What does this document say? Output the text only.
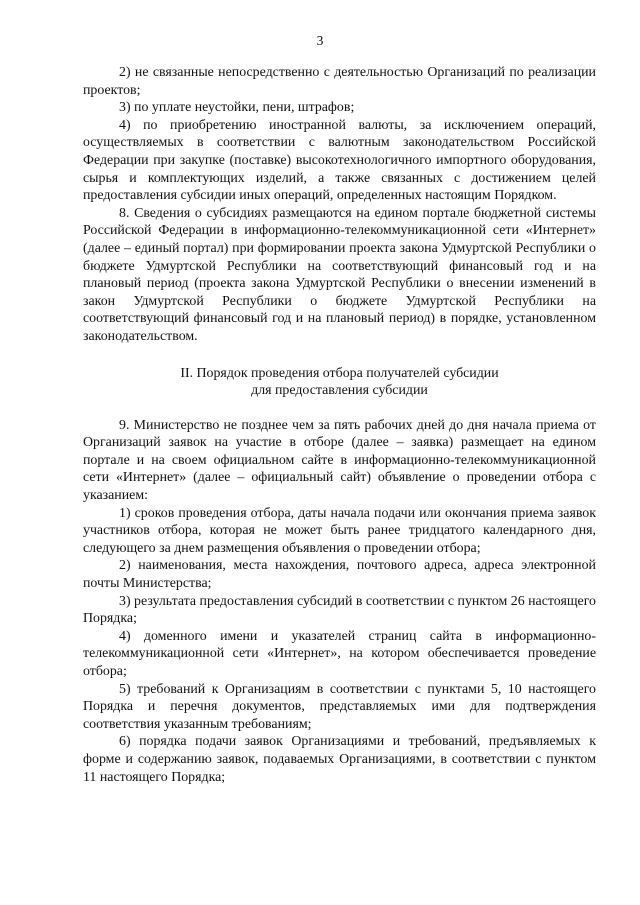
3

2) не связанные непосредственно с деятельностью Организаций по реализации проектов;

3) по уплате неустойки, пени, штрафов;

4) по приобретению иностранной валюты, за исключением операций, осуществляемых в соответствии с валютным законодательством Российской Федерации при закупке (поставке) высокотехнологичного импортного оборудования, сырья и комплектующих изделий, а также связанных с достижением целей предоставления субсидии иных операций, определенных настоящим Порядком.

8. Сведения о субсидиях размещаются на едином портале бюджетной системы Российской Федерации в информационно-телекоммуникационной сети «Интернет» (далее – единый портал) при формировании проекта закона Удмуртской Республики о бюджете Удмуртской Республики на соответствующий финансовый год и на плановый период (проекта закона Удмуртской Республики о внесении изменений в закон Удмуртской Республики о бюджете Удмуртской Республики на соответствующий финансовый год и на плановый период) в порядке, установленном законодательством.

II. Порядок проведения отбора получателей субсидии
для предоставления субсидии

9. Министерство не позднее чем за пять рабочих дней до дня начала приема от Организаций заявок на участие в отборе (далее – заявка) размещает на едином портале и на своем официальном сайте в информационно-телекоммуникационной сети «Интернет» (далее – официальный сайт) объявление о проведении отбора с указанием:

1) сроков проведения отбора, даты начала подачи или окончания приема заявок участников отбора, которая не может быть ранее тридцатого календарного дня, следующего за днем размещения объявления о проведении отбора;

2) наименования, места нахождения, почтового адреса, адреса электронной почты Министерства;

3) результата предоставления субсидий в соответствии с пунктом 26 настоящего Порядка;

4) доменного имени и указателей страниц сайта в информационно-телекоммуникационной сети «Интернет», на котором обеспечивается проведение отбора;

5) требований к Организациям в соответствии с пунктами 5, 10 настоящего Порядка и перечня документов, представляемых ими для подтверждения соответствия указанным требованиям;

6) порядка подачи заявок Организациями и требований, предъявляемых к форме и содержанию заявок, подаваемых Организациями, в соответствии с пунктом 11 настоящего Порядка;
